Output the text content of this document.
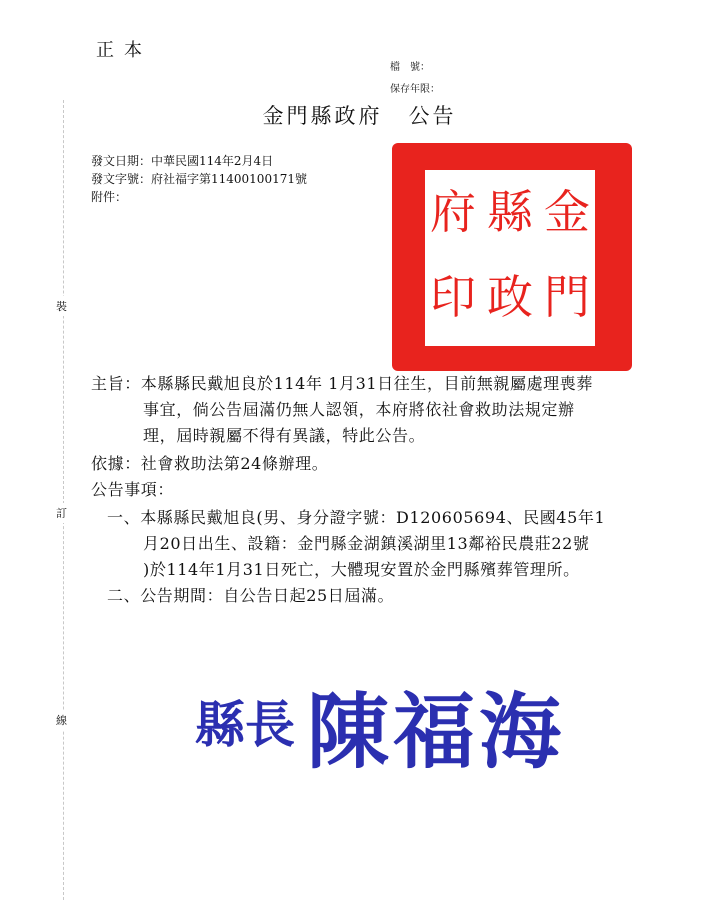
正本
檔　號：
保存年限：
裝
訂
線
金門縣政府 公告
發文日期：中華民國114年2月4日
發文字號：府社福字第11400100171號
附件：	金
門
縣
政
府
印
主旨：本縣縣民戴旭良於114年 1月31日往生，目前無親屬處理喪葬
事宜，倘公告屆滿仍無人認領，本府將依社會救助法規定辦
理，屆時親屬不得有異議，特此公告。
依據：社會救助法第24條辦理。
公告事項：
一、本縣縣民戴旭良(男、身分證字號：D120605694、民國45年1
月20日出生、設籍：金門縣金湖鎮溪湖里13鄰裕民農莊22號
)於114年1月31日死亡，大體現安置於金門縣殯葬管理所。
二、公告期間：自公告日起25日屆滿。
縣長 陳福海
